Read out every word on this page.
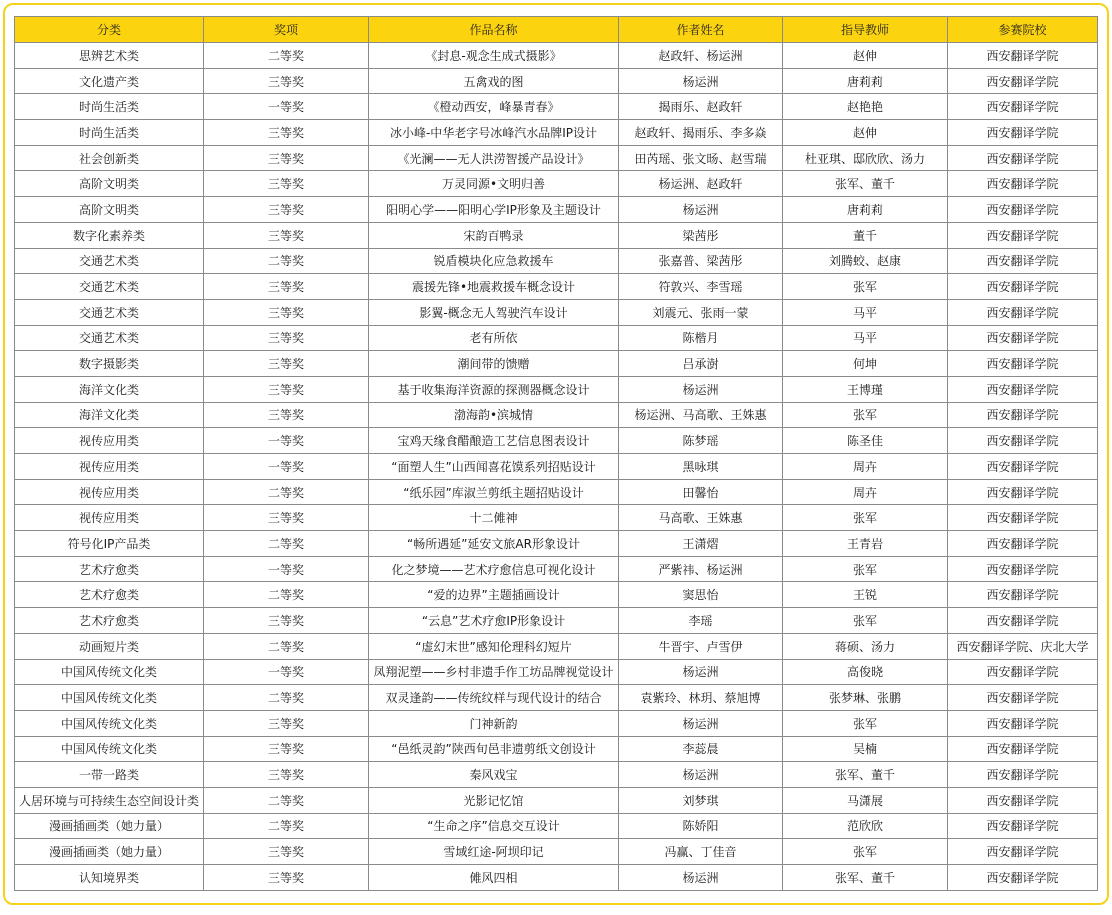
分类	奖项	作品名称	作者姓名	指导教师	参赛院校
思辨艺术类	二等奖	《封息-观念生成式摄影》	赵政轩、杨运洲	赵伸	西安翻译学院
文化遗产类	三等奖	五禽戏的图	杨运洲	唐莉莉	西安翻译学院
时尚生活类	一等奖	《橙动西安，峰暴青春》	揭雨乐、赵政轩	赵艳艳	西安翻译学院
时尚生活类	三等奖	冰小峰-中华老字号冰峰汽水品牌IP设计	赵政轩、揭雨乐、李多焱	赵伸	西安翻译学院
社会创新类	三等奖	《光澜——无人洪涝智援产品设计》	田芮瑶、张文旸、赵雪瑞	杜亚琪、邸欣欣、汤力	西安翻译学院
高阶文明类	三等奖	万灵同源•文明归善	杨运洲、赵政轩	张军、董千	西安翻译学院
高阶文明类	三等奖	阳明心学——阳明心学IP形象及主题设计	杨运洲	唐莉莉	西安翻译学院
数字化素养类	三等奖	宋韵百鸭录	梁茜彤	董千	西安翻译学院
交通艺术类	二等奖	锐盾模块化应急救援车	张嘉普、梁茜彤	刘腾蛟、赵康	西安翻译学院
交通艺术类	三等奖	震援先锋•地震救援车概念设计	符敦兴、李雪瑶	张军	西安翻译学院
交通艺术类	三等奖	影翼-概念无人驾驶汽车设计	刘震元、张雨一蒙	马平	西安翻译学院
交通艺术类	三等奖	老有所依	陈楷月	马平	西安翻译学院
数字摄影类	三等奖	潮间带的馈赠	吕承澍	何坤	西安翻译学院
海洋文化类	三等奖	基于收集海洋资源的探测器概念设计	杨运洲	王博瑾	西安翻译学院
海洋文化类	三等奖	渤海韵•滨城情	杨运洲、马高歌、王姝惠	张军	西安翻译学院
视传应用类	一等奖	宝鸡天缘食醋酿造工艺信息图表设计	陈梦瑶	陈圣佳	西安翻译学院
视传应用类	一等奖	“面塑人生”山西闻喜花馍系列招贴设计	黑咏琪	周卉	西安翻译学院
视传应用类	二等奖	“纸乐园”库淑兰剪纸主题招贴设计	田馨怡	周卉	西安翻译学院
视传应用类	三等奖	十二傩神	马高歌、王姝惠	张军	西安翻译学院
符号化IP产品类	二等奖	“畅所遇延”延安文旅AR形象设计	王潇熠	王青岩	西安翻译学院
艺术疗愈类	一等奖	化之梦境——艺术疗愈信息可视化设计	严紫祎、杨运洲	张军	西安翻译学院
艺术疗愈类	二等奖	“爱的边界”主题插画设计	窦思怡	王锐	西安翻译学院
艺术疗愈类	三等奖	“云息”艺术疗愈IP形象设计	李瑶	张军	西安翻译学院
动画短片类	二等奖	“虚幻末世”感知伦理科幻短片	牛晋宇、卢雪伊	蒋硕、汤力	西安翻译学院、庆北大学
中国风传统文化类	一等奖	凤翔泥塑——乡村非遗手作工坊品牌视觉设计	杨运洲	高俊晓	西安翻译学院
中国风传统文化类	二等奖	双灵逢韵——传统纹样与现代设计的结合	袁紫玲、林玥、蔡旭博	张梦琳、张鹏	西安翻译学院
中国风传统文化类	三等奖	门神新韵	杨运洲	张军	西安翻译学院
中国风传统文化类	三等奖	“邑纸灵韵”陕西旬邑非遗剪纸文创设计	李蕊晨	吴楠	西安翻译学院
一带一路类	三等奖	秦风戏宝	杨运洲	张军、董千	西安翻译学院
人居环境与可持续生态空间设计类	二等奖	光影记忆馆	刘梦琪	马潇展	西安翻译学院
漫画插画类（她力量）	二等奖	“生命之序”信息交互设计	陈娇阳	范欣欣	西安翻译学院
漫画插画类（她力量）	三等奖	雪域红途-阿坝印记	冯赢、丁佳音	张军	西安翻译学院
认知境界类	三等奖	傩风四相	杨运洲	张军、董千	西安翻译学院
